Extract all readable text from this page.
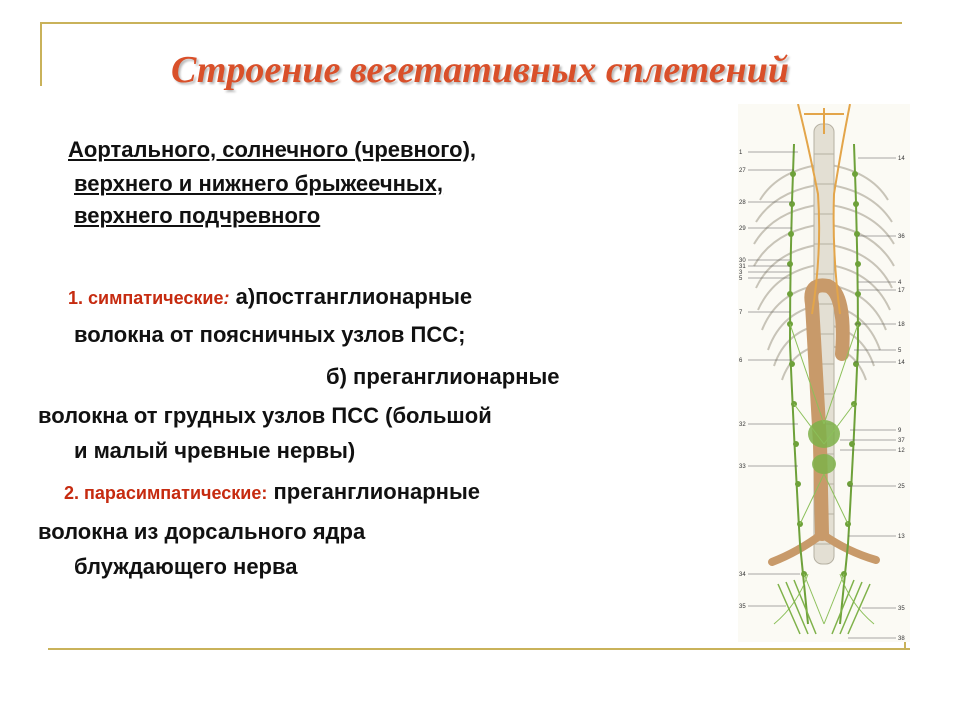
Строение вегетативных сплетений
Аортального, солнечного (чревного),
верхнего и нижнего брыжеечных,
верхнего подчревного
1. симпатические: а)постганглионарные
волокна от поясничных узлов ПСС;
б) преганглионарные
волокна от грудных узлов ПСС (большой
и малый чревные нервы)
2. парасимпатические: преганглионарные
волокна из дорсального ядра
блуждающего нерва
1
27
28
29
30
31
3
5
7
6
32
33
34
35
14
36
4
17
18
5
14
9
37
12
25
13
35
38
